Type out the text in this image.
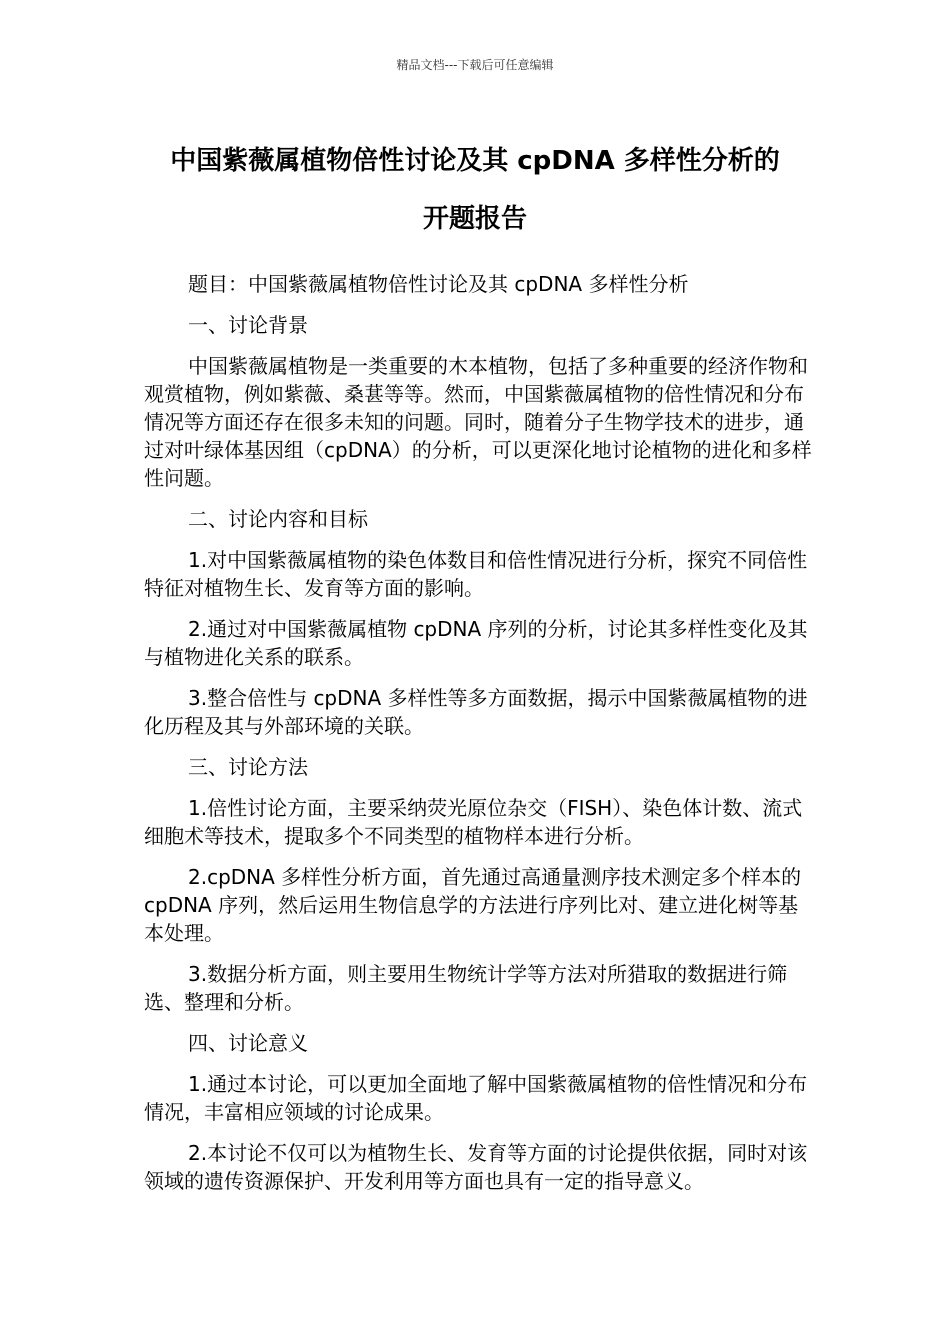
精品文档---下载后可任意编辑
中国紫薇属植物倍性讨论及其 cpDNA 多样性分析的
开题报告

题目：中国紫薇属植物倍性讨论及其 cpDNA 多样性分析

一、讨论背景

中国紫薇属植物是一类重要的木本植物，包括了多种重要的经济作物和观赏植物，例如紫薇、桑葚等等。然而，中国紫薇属植物的倍性情况和分布情况等方面还存在很多未知的问题。同时，随着分子生物学技术的进步，通过对叶绿体基因组（cpDNA）的分析，可以更深化地讨论植物的进化和多样性问题。

二、讨论内容和目标

1.对中国紫薇属植物的染色体数目和倍性情况进行分析，探究不同倍性特征对植物生长、发育等方面的影响。

2.通过对中国紫薇属植物 cpDNA 序列的分析，讨论其多样性变化及其与植物进化关系的联系。

3.整合倍性与 cpDNA 多样性等多方面数据，揭示中国紫薇属植物的进化历程及其与外部环境的关联。

三、讨论方法

1.倍性讨论方面，主要采纳荧光原位杂交（FISH）、染色体计数、流式细胞术等技术，提取多个不同类型的植物样本进行分析。

2.cpDNA 多样性分析方面，首先通过高通量测序技术测定多个样本的 cpDNA 序列，然后运用生物信息学的方法进行序列比对、建立进化树等基本处理。

3.数据分析方面，则主要用生物统计学等方法对所猎取的数据进行筛选、整理和分析。

四、讨论意义

1.通过本讨论，可以更加全面地了解中国紫薇属植物的倍性情况和分布情况，丰富相应领域的讨论成果。

2.本讨论不仅可以为植物生长、发育等方面的讨论提供依据，同时对该领域的遗传资源保护、开发利用等方面也具有一定的指导意义。
